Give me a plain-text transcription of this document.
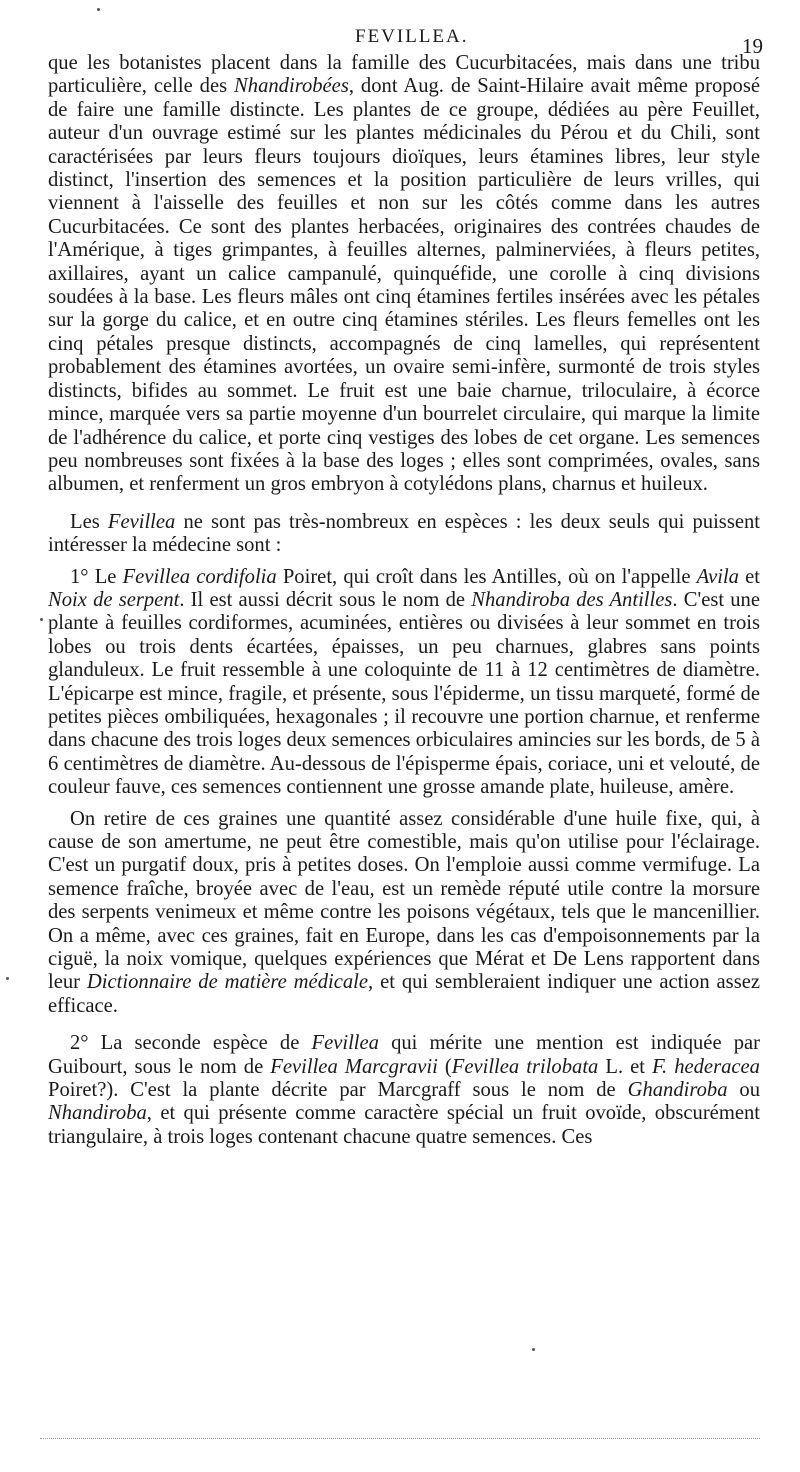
FEVILLEA.	19

que les botanistes placent dans la famille des Cucurbitacées, mais dans une tribu particulière, celle des Nhandirobées, dont Aug. de Saint-Hilaire avait même proposé de faire une famille distincte. Les plantes de ce groupe, dédiées au père Feuillet, auteur d'un ouvrage estimé sur les plantes médicinales du Pérou et du Chili, sont caractérisées par leurs fleurs toujours dioïques, leurs étamines libres, leur style distinct, l'insertion des semences et la position particulière de leurs vrilles, qui viennent à l'aisselle des feuilles et non sur les côtés comme dans les autres Cucurbitacées. Ce sont des plantes herbacées, originaires des contrées chaudes de l'Amérique, à tiges grimpantes, à feuilles alternes, palminerviées, à fleurs petites, axillaires, ayant un calice campanulé, quinquéfide, une corolle à cinq divisions soudées à la base. Les fleurs mâles ont cinq étamines fertiles insérées avec les pétales sur la gorge du calice, et en outre cinq étamines stériles. Les fleurs femelles ont les cinq pétales presque distincts, accompagnés de cinq lamelles, qui représentent probablement des étamines avortées, un ovaire semi-infère, surmonté de trois styles distincts, bifides au sommet. Le fruit est une baie charnue, triloculaire, à écorce mince, marquée vers sa partie moyenne d'un bourrelet circulaire, qui marque la limite de l'adhérence du calice, et porte cinq vestiges des lobes de cet organe. Les semences peu nombreuses sont fixées à la base des loges ; elles sont comprimées, ovales, sans albumen, et renferment un gros embryon à cotylédons plans, charnus et huileux.

Les Fevillea ne sont pas très-nombreux en espèces : les deux seuls qui puissent intéresser la médecine sont :

1° Le Fevillea cordifolia Poiret, qui croît dans les Antilles, où on l'appelle Avila et Noix de serpent. Il est aussi décrit sous le nom de Nhandiroba des Antilles. C'est une plante à feuilles cordiformes, acuminées, entières ou divisées à leur sommet en trois lobes ou trois dents écartées, épaisses, un peu charnues, glabres sans points glanduleux. Le fruit ressemble à une coloquinte de 11 à 12 centimètres de diamètre. L'épicarpe est mince, fragile, et présente, sous l'épiderme, un tissu marqueté, formé de petites pièces ombiliquées, hexagonales ; il recouvre une portion charnue, et renferme dans chacune des trois loges deux semences orbiculaires amincies sur les bords, de 5 à 6 centimètres de diamètre. Au-dessous de l'épisperme épais, coriace, uni et velouté, de couleur fauve, ces semences contiennent une grosse amande plate, huileuse, amère.

On retire de ces graines une quantité assez considérable d'une huile fixe, qui, à cause de son amertume, ne peut être comestible, mais qu'on utilise pour l'éclairage. C'est un purgatif doux, pris à petites doses. On l'emploie aussi comme vermifuge. La semence fraîche, broyée avec de l'eau, est un remède réputé utile contre la morsure des serpents venimeux et même contre les poisons végétaux, tels que le mancenillier. On a même, avec ces graines, fait en Europe, dans les cas d'empoisonnements par la ciguë, la noix vomique, quelques expériences que Mérat et De Lens rapportent dans leur Dictionnaire de matière médicale, et qui sembleraient indiquer une action assez efficace.

2° La seconde espèce de Fevillea qui mérite une mention est indiquée par Guibourt, sous le nom de Fevillea Marcgravii (Fevillea trilobata L. et F. hederacea Poiret?). C'est la plante décrite par Marcgraff sous le nom de Ghandiroba ou Nhandiroba, et qui présente comme caractère spécial un fruit ovoïde, obscurément triangulaire, à trois loges contenant chacune quatre semences. Ces
